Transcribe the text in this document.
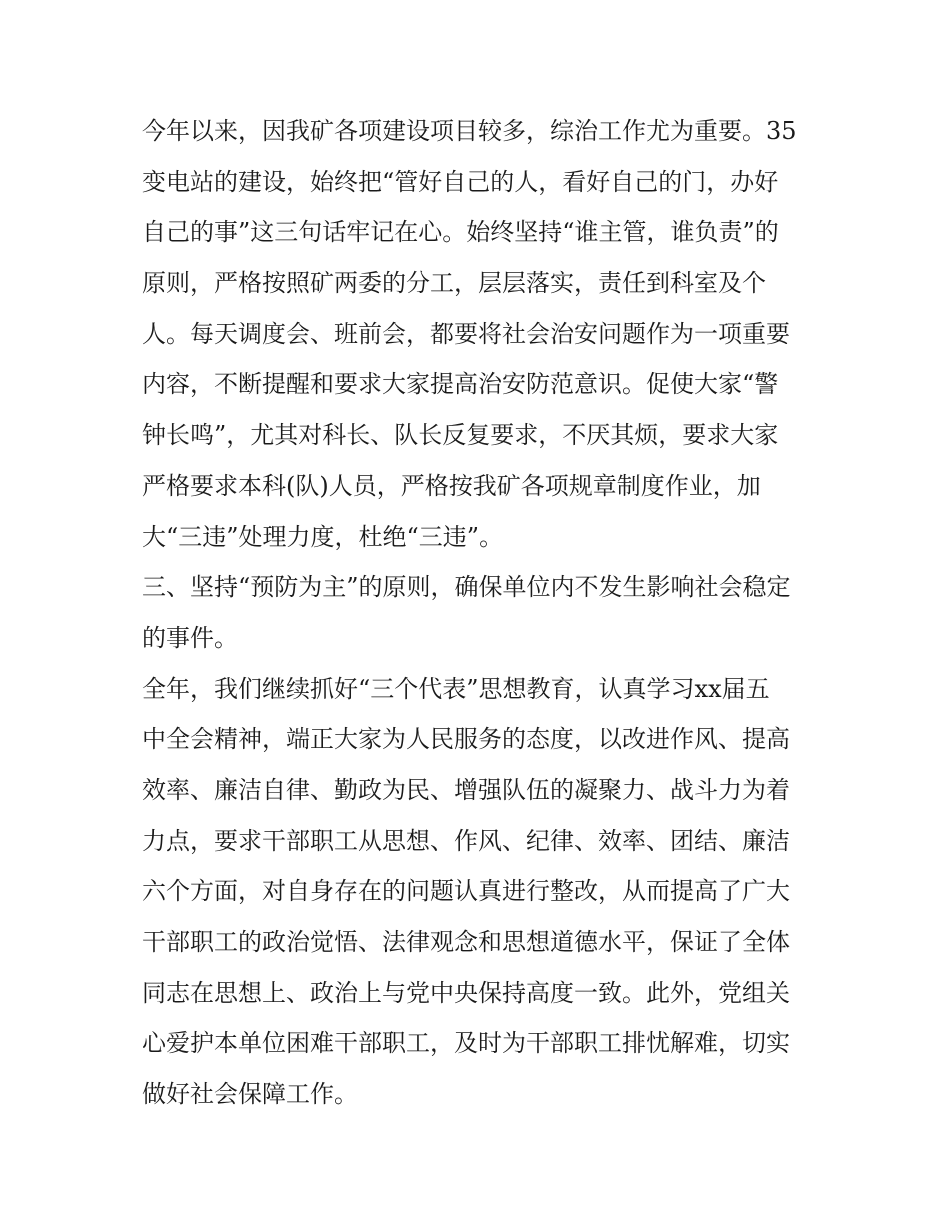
今年以来，因我矿各项建设项目较多，综治工作尤为重要。35
变电站的建设，始终把“管好自己的人，看好自己的门，办好
自己的事”这三句话牢记在心。始终坚持“谁主管，谁负责”的
原则，严格按照矿两委的分工，层层落实，责任到科室及个
人。每天调度会、班前会，都要将社会治安问题作为一项重要
内容，不断提醒和要求大家提高治安防范意识。促使大家“警
钟长鸣”，尤其对科长、队长反复要求，不厌其烦，要求大家
严格要求本科(队)人员，严格按我矿各项规章制度作业，加
大“三违”处理力度，杜绝“三违”。
三、坚持“预防为主”的原则，确保单位内不发生影响社会稳定
的事件。
全年，我们继续抓好“三个代表”思想教育，认真学习xx届五
中全会精神，端正大家为人民服务的态度，以改进作风、提高
效率、廉洁自律、勤政为民、增强队伍的凝聚力、战斗力为着
力点，要求干部职工从思想、作风、纪律、效率、团结、廉洁
六个方面，对自身存在的问题认真进行整改，从而提高了广大
干部职工的政治觉悟、法律观念和思想道德水平，保证了全体
同志在思想上、政治上与党中央保持高度一致。此外，党组关
心爱护本单位困难干部职工，及时为干部职工排忧解难，切实
做好社会保障工作。
